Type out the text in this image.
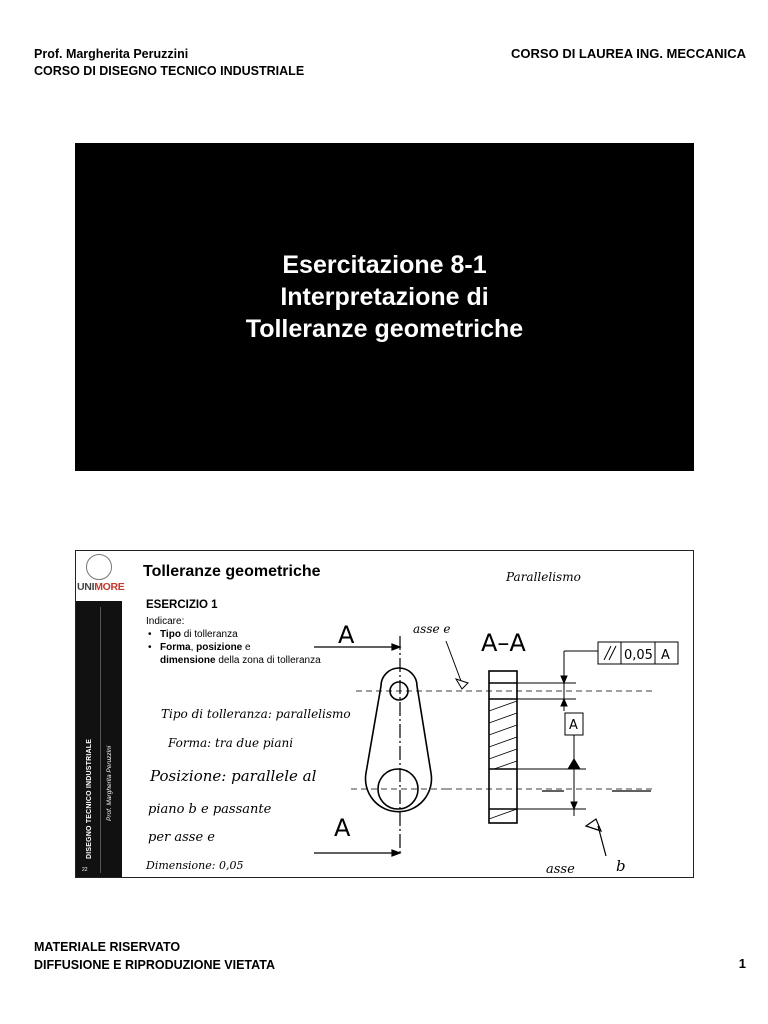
Prof. Margherita Peruzzini
CORSO DI DISEGNO TECNICO INDUSTRIALE
CORSO DI LAUREA ING. MECCANICA
Esercitazione 8-1
Interpretazione di
Tolleranze geometriche
UNIMORE
DISEGNO TECNICO INDUSTRIALE Prof. Margherita Peruzzini
22
Tolleranze geometriche
ESERCIZIO 1
Indicare:
• Tipo di tolleranza
• Forma, posizione e
dimensione della zona di tolleranza
Parallelismo
asse e
Tipo di tolleranza: parallelismo
Forma: tra due piani
Posizione: parallele al
piano b e passante
per asse e
Dimensione: 0,05	asse	b
A
A
A–A	0,05 A
A
MATERIALE RISERVATO
DIFFUSIONE E RIPRODUZIONE VIETATA	1
